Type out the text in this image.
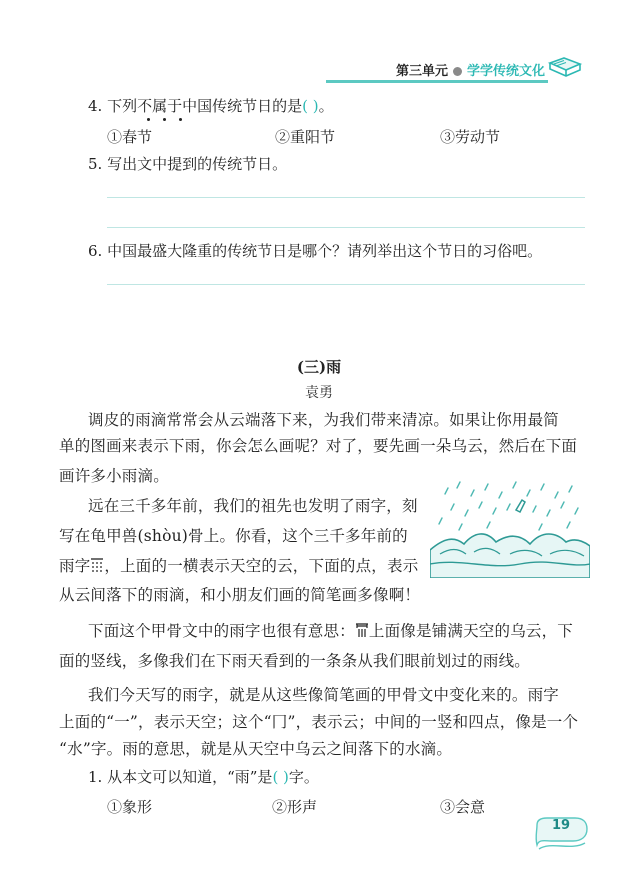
第三单元 学学传统文化
4. 下列不属于中国传统节日的是( )。
①春节	②重阳节	③劳动节
5. 写出文中提到的传统节日。
6. 中国最盛大隆重的传统节日是哪个？请列举出这个节日的习俗吧。
(三)雨
袁勇
调皮的雨滴常常会从云端落下来，为我们带来清凉。如果让你用最简
单的图画来表示下雨，你会怎么画呢？对了，要先画一朵乌云，然后在下面
画许多小雨滴。
远在三千多年前，我们的祖先也发明了雨字，刻
写在龟甲兽(shòu)骨上。你看，这个三千多年前的
雨字 ，上面的一横表示天空的云，下面的点，表示
从云间落下的雨滴，和小朋友们画的简笔画多像啊！
下面这个甲骨文中的雨字也很有意思： 上面像是铺满天空的乌云，下
面的竖线，多像我们在下雨天看到的一条条从我们眼前划过的雨线。
我们今天写的雨字，就是从这些像简笔画的甲骨文中变化来的。雨字
上面的“一”，表示天空；这个“冂”，表示云；中间的一竖和四点，像是一个
“水”字。雨的意思，就是从天空中乌云之间落下的水滴。
1. 从本文可以知道，“雨”是( )字。
①象形	②形声	③会意
19
